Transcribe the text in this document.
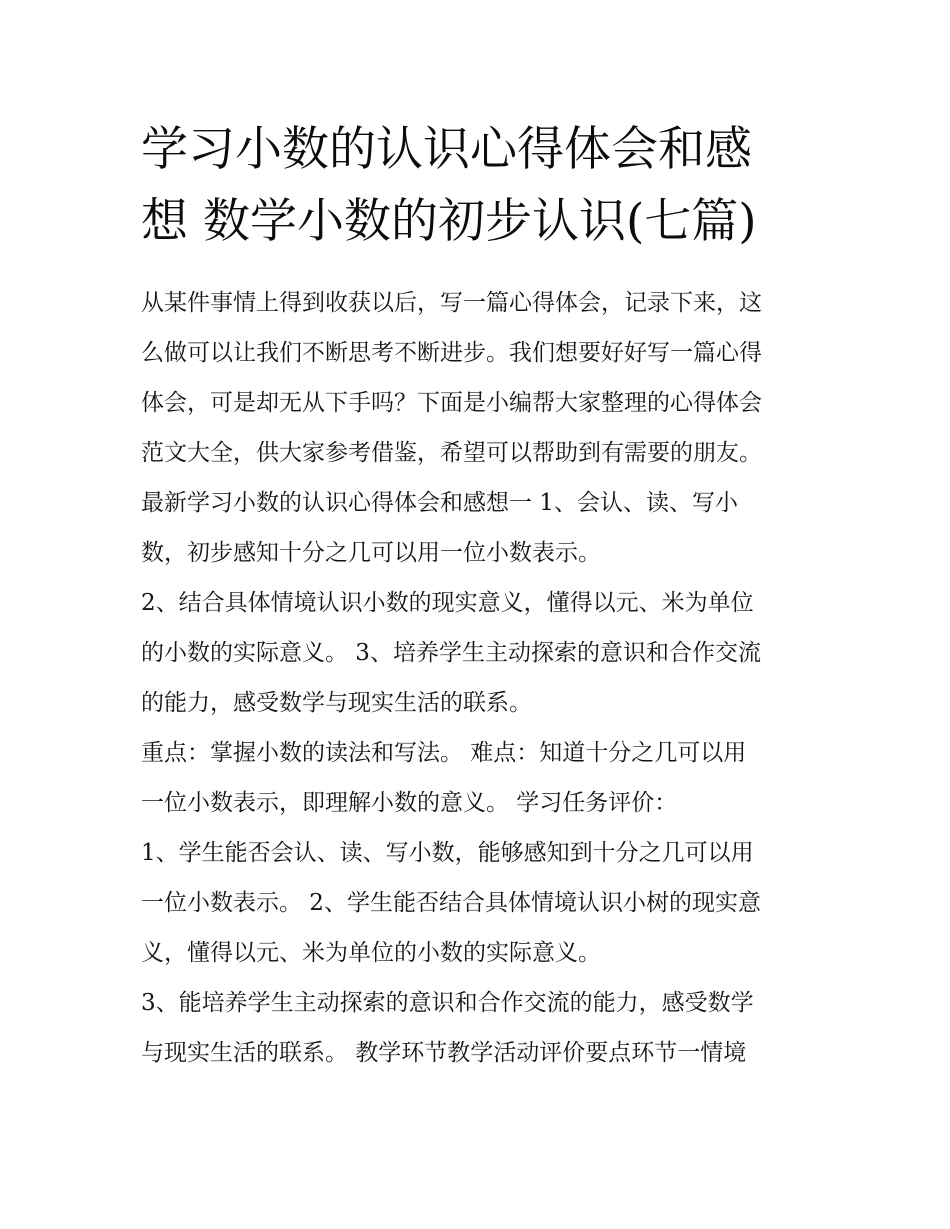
学习小数的认识心得体会和感
想 数学小数的初步认识(七篇)

从某件事情上得到收获以后，写一篇心得体会，记录下来，这
么做可以让我们不断思考不断进步。我们想要好好写一篇心得
体会，可是却无从下手吗？下面是小编帮大家整理的心得体会
范文大全，供大家参考借鉴，希望可以帮助到有需要的朋友。
最新学习小数的认识心得体会和感想一 1、会认、读、写小
数，初步感知十分之几可以用一位小数表示。

2、结合具体情境认识小数的现实意义，懂得以元、米为单位
的小数的实际意义。 3、培养学生主动探索的意识和合作交流
的能力，感受数学与现实生活的联系。

重点：掌握小数的读法和写法。 难点：知道十分之几可以用
一位小数表示，即理解小数的意义。 学习任务评价：

1、学生能否会认、读、写小数，能够感知到十分之几可以用
一位小数表示。 2、学生能否结合具体情境认识小树的现实意
义，懂得以元、米为单位的小数的实际意义。

3、能培养学生主动探索的意识和合作交流的能力，感受数学
与现实生活的联系。 教学环节教学活动评价要点环节一情境
